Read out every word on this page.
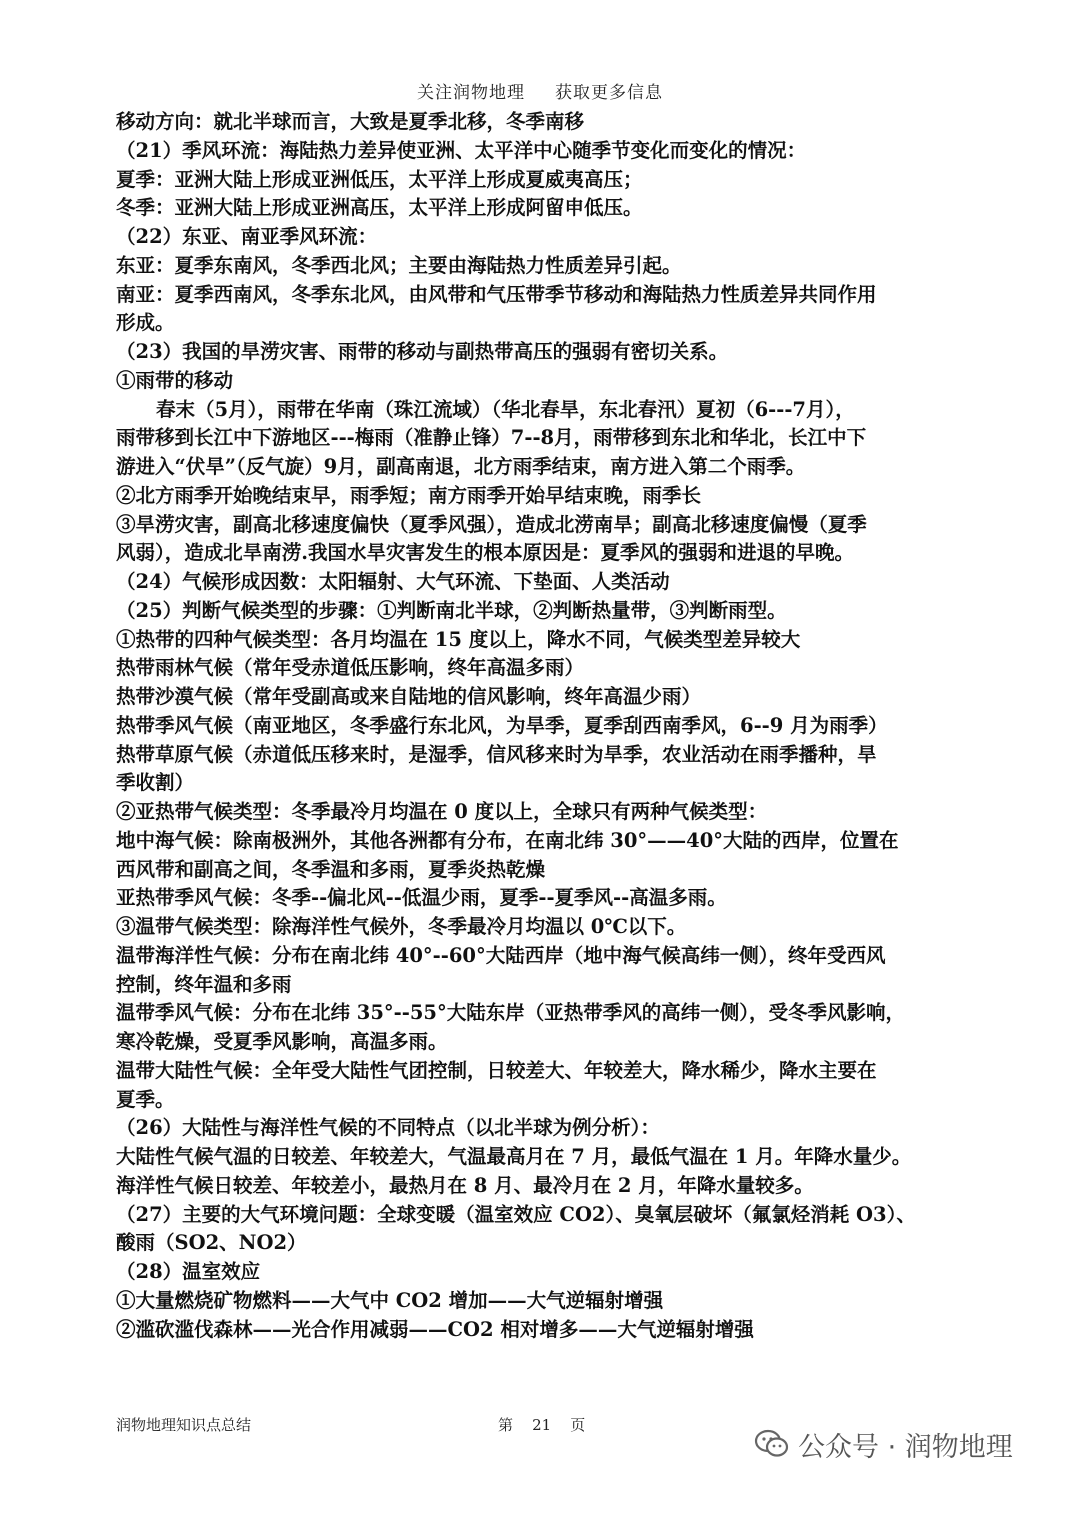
关注润物地理 获取更多信息
移动方向：就北半球而言，大致是夏季北移，冬季南移
（21）季风环流：海陆热力差异使亚洲、太平洋中心随季节变化而变化的情况：
夏季：亚洲大陆上形成亚洲低压，太平洋上形成夏威夷高压；
冬季：亚洲大陆上形成亚洲高压，太平洋上形成阿留申低压。
（22）东亚、南亚季风环流：
东亚：夏季东南风，冬季西北风；主要由海陆热力性质差异引起。
南亚：夏季西南风，冬季东北风，由风带和气压带季节移动和海陆热力性质差异共同作用
形成。
（23）我国的旱涝灾害、雨带的移动与副热带高压的强弱有密切关系。
①雨带的移动
春末（5月），雨带在华南（珠江流域）（华北春旱，东北春汛）夏初（6---7月），
雨带移到长江中下游地区---梅雨（准静止锋）7--8月，雨带移到东北和华北，长江中下
游进入“伏旱”（反气旋）9月，副高南退，北方雨季结束，南方进入第二个雨季。
②北方雨季开始晚结束早，雨季短；南方雨季开始早结束晚，雨季长
③旱涝灾害，副高北移速度偏快（夏季风强），造成北涝南旱；副高北移速度偏慢（夏季
风弱），造成北旱南涝.我国水旱灾害发生的根本原因是：夏季风的强弱和进退的早晚。
（24）气候形成因数：太阳辐射、大气环流、下垫面、人类活动
（25）判断气候类型的步骤：①判断南北半球，②判断热量带，③判断雨型。
①热带的四种气候类型：各月均温在 15 度以上，降水不同，气候类型差异较大
热带雨林气候（常年受赤道低压影响，终年高温多雨）
热带沙漠气候（常年受副高或来自陆地的信风影响，终年高温少雨）
热带季风气候（南亚地区，冬季盛行东北风，为旱季，夏季刮西南季风，6--9 月为雨季）
热带草原气候（赤道低压移来时，是湿季，信风移来时为旱季，农业活动在雨季播种，旱
季收割）
②亚热带气候类型：冬季最冷月均温在 0 度以上，全球只有两种气候类型：
地中海气候：除南极洲外，其他各洲都有分布，在南北纬 30°——40°大陆的西岸，位置在
西风带和副高之间，冬季温和多雨，夏季炎热乾燥
亚热带季风气候：冬季--偏北风--低温少雨，夏季--夏季风--高温多雨。
③温带气候类型：除海洋性气候外，冬季最冷月均温以 0℃以下。
温带海洋性气候：分布在南北纬 40°--60°大陆西岸（地中海气候高纬一侧），终年受西风
控制，终年温和多雨
温带季风气候：分布在北纬 35°--55°大陆东岸（亚热带季风的高纬一侧），受冬季风影响，
寒冷乾燥，受夏季风影响，高温多雨。
温带大陆性气候：全年受大陆性气团控制，日较差大、年较差大，降水稀少，降水主要在
夏季。
（26）大陆性与海洋性气候的不同特点（以北半球为例分析）：
大陆性气候气温的日较差、年较差大，气温最高月在 7 月，最低气温在 1 月。年降水量少。
海洋性气候日较差、年较差小，最热月在 8 月、最冷月在 2 月，年降水量较多。
（27）主要的大气环境问题：全球变暖（温室效应 CO2）、臭氧层破坏（氟氯烃消耗 O3）、
酸雨（SO2、NO2）
（28）温室效应
①大量燃烧矿物燃料——大气中 CO2 增加——大气逆辐射增强
②滥砍滥伐森林——光合作用减弱——CO2 相对增多——大气逆辐射增强
润物地理知识点总结	第 21 页
公众号 · 润物地理
